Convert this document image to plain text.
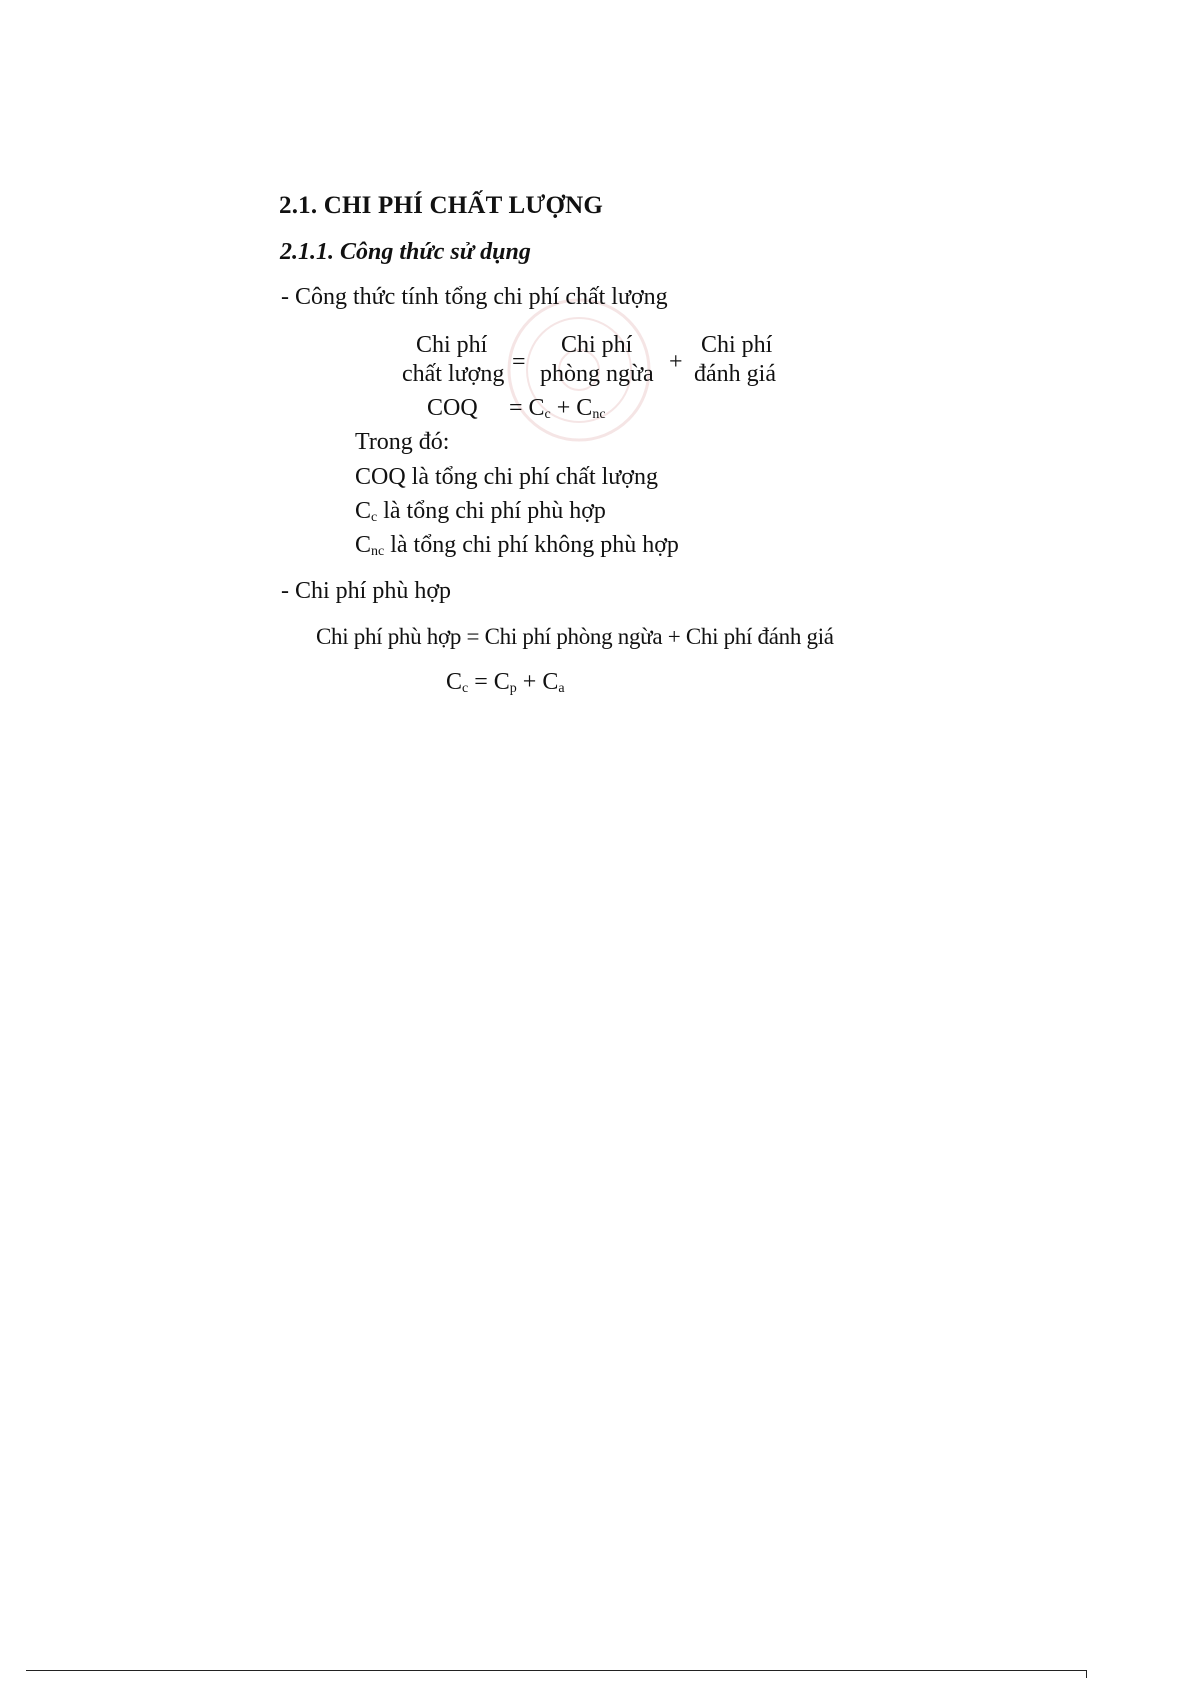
2.1. CHI PHÍ CHẤT LƯỢNG
2.1.1. Công thức sử dụng
- Công thức tính tổng chi phí chất lượng
Chi phí
chất lượng =
Chi phí
phòng ngừa +
Chi phí
đánh giá
COQ = $C_c + C_{nc}$
Trong đó:
COQ là tổng chi phí chất lượng
$C_c$ là tổng chi phí phù hợp
$C_{nc}$ là tổng chi phí không phù hợp
- Chi phí phù hợp
Chi phí phù hợp = Chi phí phòng ngừa + Chi phí đánh giá
$C_c = C_p + C_a$
